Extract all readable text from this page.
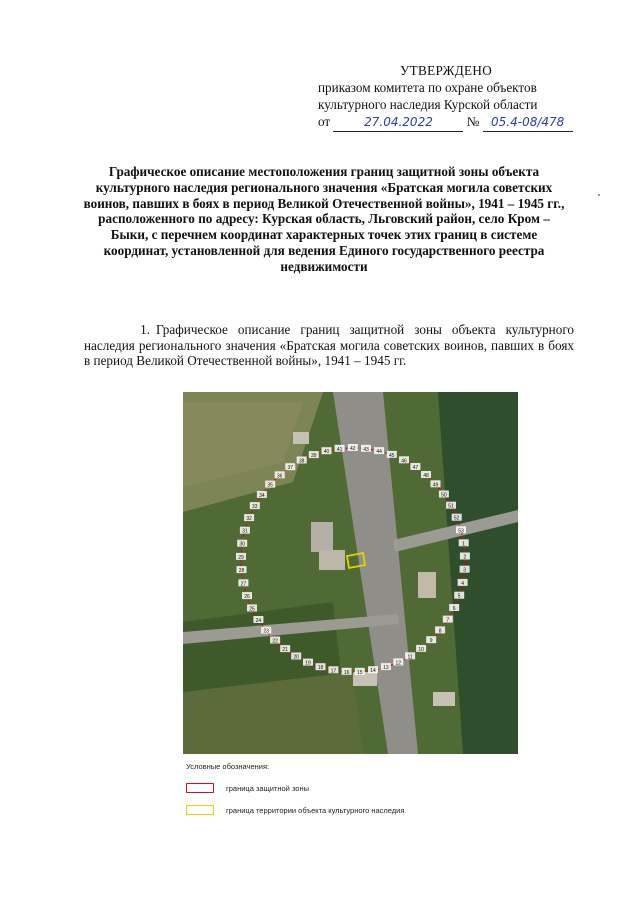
УТВЕРЖДЕНО
приказом комитета по охране объектов
культурного наследия Курской области
от	27.04.2022	№ 05.4-08/478
Графическое описание местоположения границ защитной зоны объекта культурного наследия регионального значения «Братская могила советских воинов, павших в боях в период Великой Отечественной войны», 1941 – 1945 гг., расположенного по адресу: Курская область, Льговский район, село Кром – Быки, с перечнем координат характерных точек этих границ в системе координат, установленной для ведения Единого государственного реестра недвижимости
1. Графическое описание границ защитной зоны объекта культурного наследия регионального значения «Братская могила советских воинов, павших в боях в период Великой Отечественной войны», 1941 – 1945 гг.
1
2
3
4
5
6
7
8
9
10
11
12
13
14
15
16
17
18
19
20
21
22
23
24
25
26
27
28
29
30
31
32
33
34
35
36
37
38
39
40 41 42 43 44
45
46
47
48
49
50
51
52
53
Условные обозначения:
граница защитной зоны
граница территории объекта культурного наследия
